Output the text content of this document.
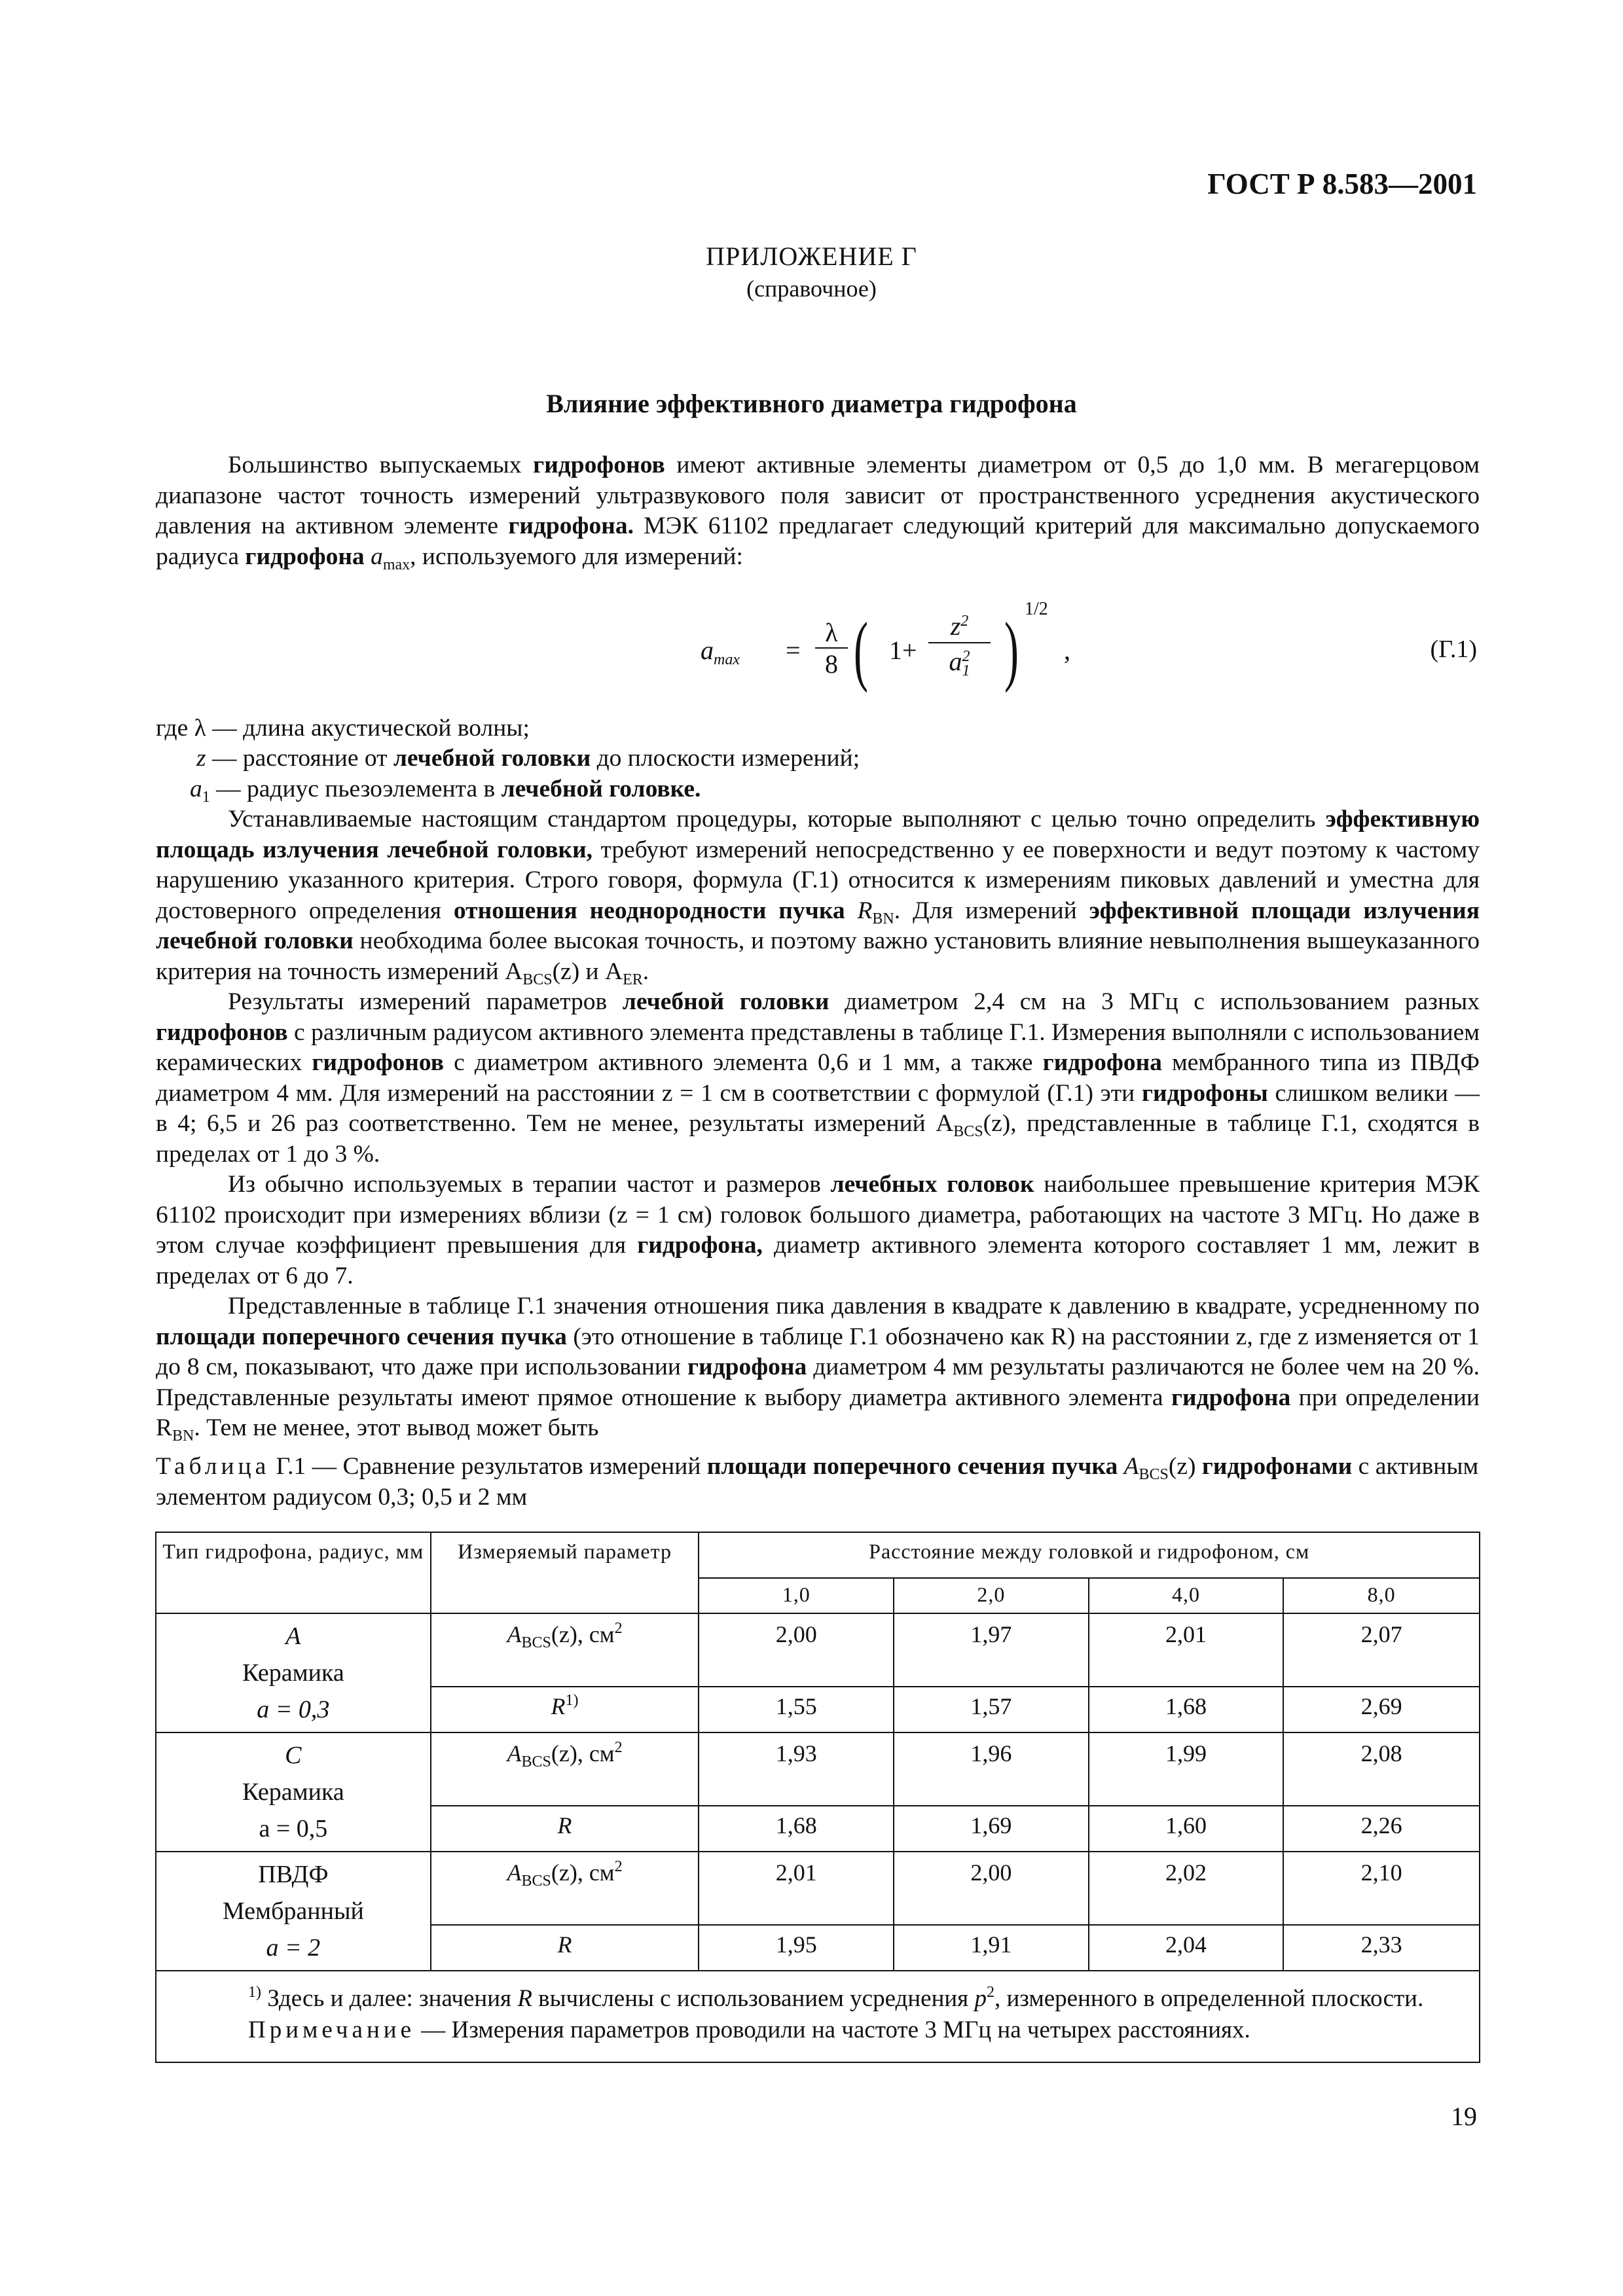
ГОСТ Р 8.583—2001
ПРИЛОЖЕНИЕ Г
(справочное)
Влияние эффективного диаметра гидрофона

Большинство выпускаемых гидрофонов имеют активные элементы диаметром от 0,5 до 1,0 мм. В мегагерцовом диапазоне частот точность измерений ультразвукового поля зависит от пространственного усреднения акустического давления на активном элементе гидрофона. МЭК 61102 предлагает следующий критерий для максимально допускаемого радиуса гидрофона $a_{max}$, используемого для измерений:

$a_{max} = \frac{\lambda}{8}$ ( $1+ \frac{z^2}{a^2_1}$ ) 1/2
,	(Г.1)
где λ — длина акустической волны;
z — расстояние от лечебной головки до плоскости измерений;
$a_1$ — радиус пьезоэлемента в лечебной головке.

Устанавливаемые настоящим стандартом процедуры, которые выполняют с целью точно определить эффективную площадь излучения лечебной головки, требуют измерений непосредственно у ее поверхности и ведут поэтому к частому нарушению указанного критерия. Строго говоря, формула (Г.1) относится к измерениям пиковых давлений и уместна для достоверного определения отношения неоднородности пучка $R_{BN}$. Для измерений эффективной площади излучения лечебной головки необходима более высокая точность, и поэтому важно установить влияние невыполнения вышеуказанного критерия на точность измерений $A_{BCS}(z)$ и $A_{ER}$.

Результаты измерений параметров лечебной головки диаметром 2,4 см на 3 МГц с использованием разных гидрофонов с различным радиусом активного элемента представлены в таблице Г.1. Измерения выполняли с использованием керамических гидрофонов с диаметром активного элемента 0,6 и 1 мм, а также гидрофона мембранного типа из ПВДФ диаметром 4 мм. Для измерений на расстоянии z = 1 см в соответствии с формулой (Г.1) эти гидрофоны слишком велики — в 4; 6,5 и 26 раз соответственно. Тем не менее, результаты измерений $A_{BCS}(z)$, представленные в таблице Г.1, сходятся в пределах от 1 до 3 %.

Из обычно используемых в терапии частот и размеров лечебных головок наибольшее превышение критерия МЭК 61102 происходит при измерениях вблизи (z = 1 см) головок большого диаметра, работающих на частоте 3 МГц. Но даже в этом случае коэффициент превышения для гидрофона, диаметр активного элемента которого составляет 1 мм, лежит в пределах от 6 до 7.

Представленные в таблице Г.1 значения отношения пика давления в квадрате к давлению в квадрате, усредненному по площади поперечного сечения пучка (это отношение в таблице Г.1 обозначено как R) на расстоянии z, где z изменяется от 1 до 8 см, показывают, что даже при использовании гидрофона диаметром 4 мм результаты различаются не более чем на 20 %. Представленные результаты имеют прямое отношение к выбору диаметра активного элемента гидрофона при определении $R_{BN}$. Тем не менее, этот вывод может быть

Таблица Г.1 — Сравнение результатов измерений площади поперечного сечения пучка $A_{BCS}(z)$ гидрофонами с активным элементом радиусом 0,3; 0,5 и 2 мм
Тип гидрофона, радиус, мм	Измеряемый параметр	Расстояние между головкой и гидрофоном, см			
		1,0	2,0	4,0	8,0

A
Керамика
a = 0,3	$A_{BCS}(z)$, $см^2$	2,00	1,97	2,01	2,07
	$R^{1)}$	1,55	1,57	1,68	2,69

C
Керамика
a = 0,5	$A_{BCS}(z)$, $см^2$	1,93	1,96	1,99	2,08
	R	1,68	1,69	1,60	2,26

ПВДФ
Мембранный
a = 2	$A_{BCS}(z)$, $см^2$	2,01	2,00	2,02	2,10
	R	1,95	1,91	2,04	2,33

$^{1)}$ Здесь и далее: значения R вычислены с использованием усреднения $p^2$, измеренного в определенной плоскости.

Примечание — Измерения параметров проводили на частоте 3 МГц на четырех расстояниях.					

19
